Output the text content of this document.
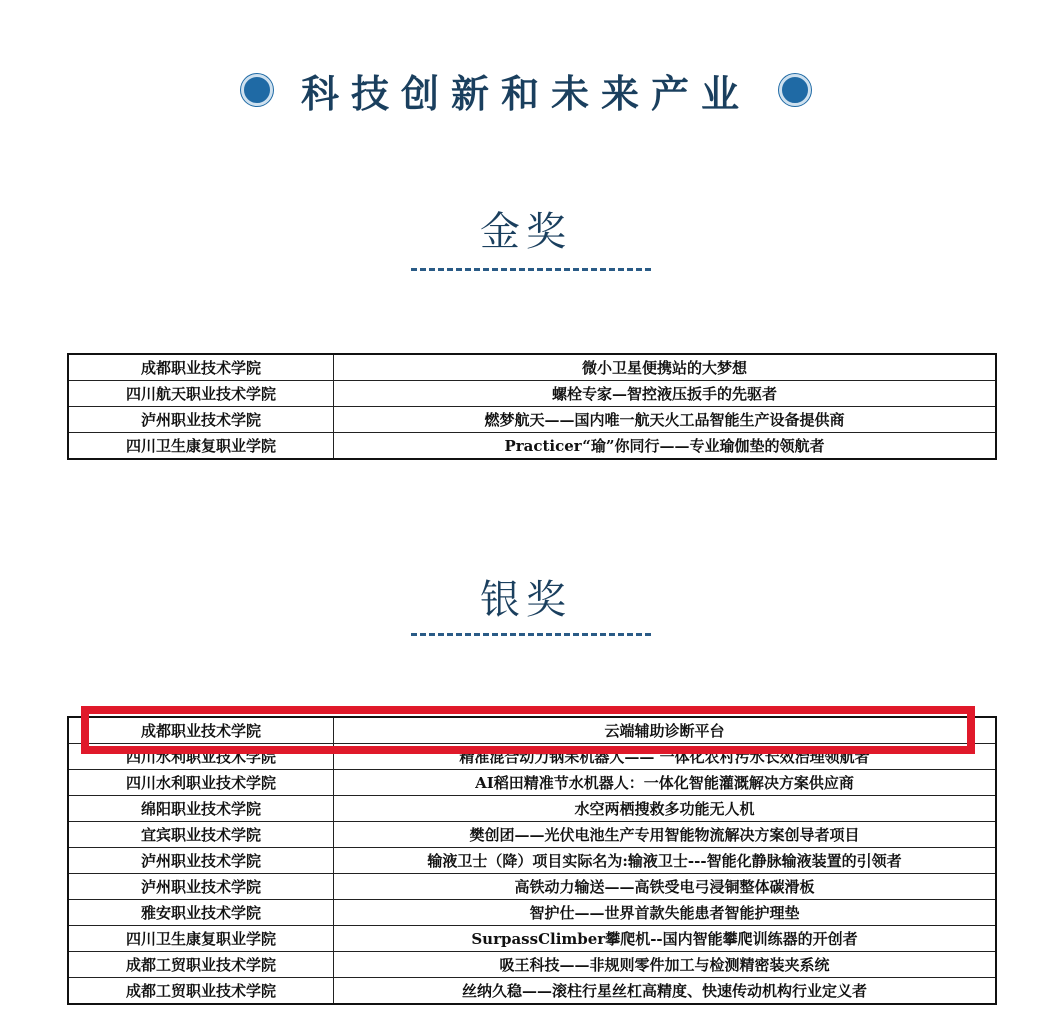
科技创新和未来产业
金奖
成都职业技术学院	微小卫星便携站的大梦想
四川航天职业技术学院	螺栓专家—智控液压扳手的先驱者
泸州职业技术学院	燃梦航天——国内唯一航天火工品智能生产设备提供商
四川卫生康复职业学院	Practicer“瑜”你同行——专业瑜伽垫的领航者
银奖
成都职业技术学院	云端辅助诊断平台
四川水利职业技术学院	精准混合动力钢耒机器人—— 一体化农村污水长效治理领航者
四川水利职业技术学院	AI稻田精准节水机器人：一体化智能灌溉解决方案供应商
绵阳职业技术学院	水空两栖搜救多功能无人机
宜宾职业技术学院	樊创团——光伏电池生产专用智能物流解决方案创导者项目
泸州职业技术学院	输液卫士（降）项目实际名为:输液卫士---智能化静脉输液装置的引领者
泸州职业技术学院	高铁动力输送——高铁受电弓浸铜整体碳滑板
雅安职业技术学院	智护仕——世界首款失能患者智能护理垫
四川卫生康复职业学院	SurpassClimber攀爬机--国内智能攀爬训练器的开创者
成都工贸职业技术学院	吸王科技——非规则零件加工与检测精密装夹系统
成都工贸职业技术学院	丝纳久稳——滚柱行星丝杠高精度、快速传动机构行业定义者
